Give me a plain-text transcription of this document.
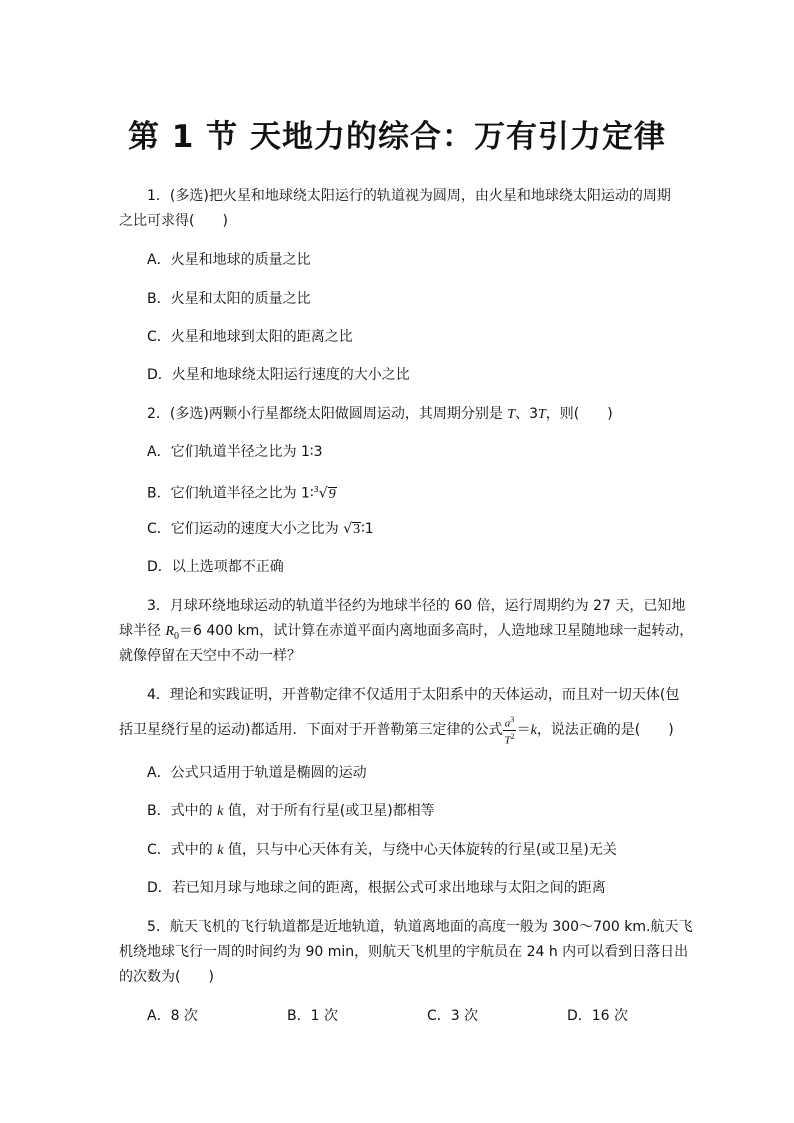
第 1 节 天地力的综合：万有引力定律
1．(多选)把火星和地球绕太阳运行的轨道视为圆周，由火星和地球绕太阳运动的周期
之比可求得(　　)
A．火星和地球的质量之比
B．火星和太阳的质量之比
C．火星和地球到太阳的距离之比
D．火星和地球绕太阳运行速度的大小之比
2．(多选)两颗小行星都绕太阳做圆周运动，其周期分别是 T、3T，则(　　)
A．它们轨道半径之比为 1∶3
B．它们轨道半径之比为 1∶$^3$√9
C．它们运动的速度大小之比为 √3∶1
D．以上选项都不正确
3．月球环绕地球运动的轨道半径约为地球半径的 60 倍，运行周期约为 27 天，已知地
球半径 $R_0=6$ 400 km，试计算在赤道平面内离地面多高时，人造地球卫星随地球一起转动，
就像停留在天空中不动一样？
4．理论和实践证明，开普勒定律不仅适用于太阳系中的天体运动，而且对一切天体(包
括卫星绕行星的运动)都适用．下面对于开普勒第三定律的公式 $\frac{a^3}{T^2} =k$，说法正确的是(　　)
A．公式只适用于轨道是椭圆的运动
B．式中的 k 值，对于所有行星(或卫星)都相等
C．式中的 k 值，只与中心天体有关，与绕中心天体旋转的行星(或卫星)无关
D．若已知月球与地球之间的距离，根据公式可求出地球与太阳之间的距离
5．航天飞机的飞行轨道都是近地轨道，轨道离地面的高度一般为 300～700 km.航天飞
机绕地球飞行一周的时间约为 90 min，则航天飞机里的宇航员在 24 h 内可以看到日落日出
的次数为(　　)
A．8 次	B．1 次	C．3 次	D．16 次
